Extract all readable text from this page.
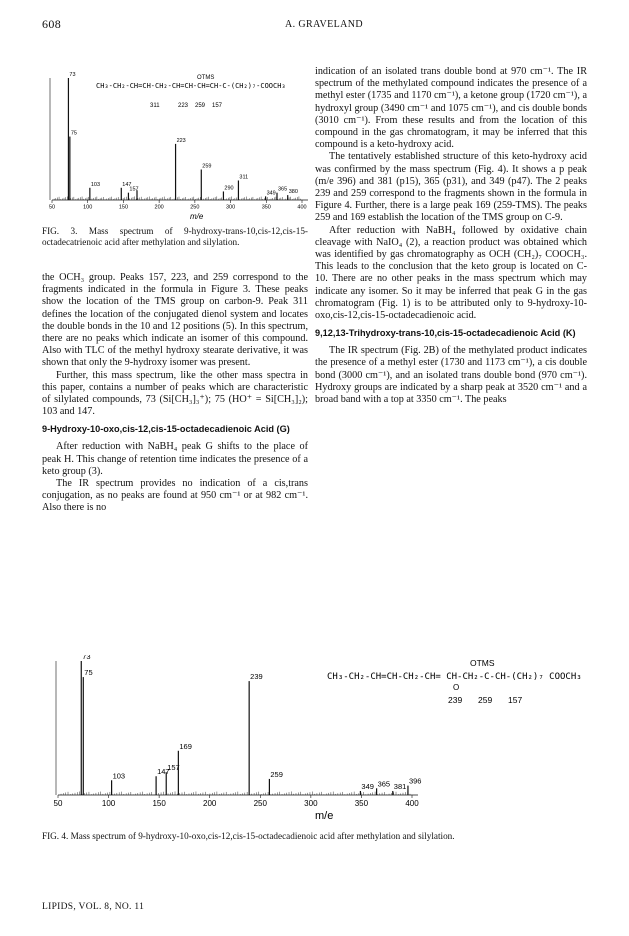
608	A. GRAVELAND
50	100	150	200	250	300	350	400
73
75
103	147
157
223
259
290
311
349
365 380
CH₃-CH₂-CH=CH-CH₂-CH=CH-CH=CH-C-(CH₂)₇-COOCH₃
OTMS
311	223 259 157
m/e
FIG. 3. Mass spectrum of 9-hydroxy-trans-10,cis-12,cis-15-octadecatrienoic acid after methylation and silylation.

the OCH₃ group. Peaks 157, 223, and 259 correspond to the fragments indicated in the formula in Figure 3. These peaks show the location of the TMS group on carbon-9. Peak 311 defines the location of the conjugated dienol system and locates the double bonds in the 10 and 12 positions (5). In this spectrum, there are no peaks which indicate an isomer of this compound. Also with TLC of the methyl hydroxy stearate derivative, it was shown that only the 9-hydroxy isomer was present.

Further, this mass spectrum, like the other mass spectra in this paper, contains a number of peaks which are characteristic of silylated compounds, 73 (Si[CH₃]₃⁺); 75 (HO⁺ = Si[CH₃]₂); 103 and 147.

9-Hydroxy-10-oxo,cis-12,cis-15-octadecadienoic Acid (G)

After reduction with NaBH₄ peak G shifts to the place of peak H. This change of retention time indicates the presence of a keto group (3).

The IR spectrum provides no indication of a cis,trans conjugation, as no peaks are found at 950 cm⁻¹ or at 982 cm⁻¹. Also there is no

indication of an isolated trans double bond at 970 cm⁻¹. The IR spectrum of the methylated compound indicates the presence of a methyl ester (1735 and 1170 cm⁻¹), a ketone group (1720 cm⁻¹), a hydroxyl group (3490 cm⁻¹ and 1075 cm⁻¹), and cis double bonds (3010 cm⁻¹). From these results and from the location of this compound in the gas chromatogram, it may be inferred that this compound is a keto-hydroxy acid.

The tentatively established structure of this keto-hydroxy acid was confirmed by the mass spectrum (Fig. 4). It shows a p peak (m/e 396) and 381 (p15), 365 (p31), and 349 (p47). The 2 peaks 239 and 259 correspond to the fragments shown in the formula in Figure 4. Further, there is a large peak 169 (259-TMS). The peaks 259 and 169 establish the location of the TMS group on C-9.

After reduction with NaBH₄ followed by oxidative chain cleavage with NaIO₄ (2), a reaction product was obtained which was identified by gas chromatography as OCH (CH₂)₇ COOCH₃. This leads to the conclusion that the keto group is located on C-10. There are no other peaks in the mass spectrum which may indicate any isomer. So it may be inferred that peak G in the gas chromatogram (Fig. 1) is to be attributed only to 9-hydroxy-10-oxo,cis-12,cis-15-octadecadienoic acid.

9,12,13-Trihydroxy-trans-10,cis-15-octadecadienoic Acid (K)

The IR spectrum (Fig. 2B) of the methylated product indicates the presence of a methyl ester (1730 and 1173 cm⁻¹), a cis double bond (3000 cm⁻¹), and an isolated trans double bond (970 cm⁻¹). Hydroxy groups are indicated by a sharp peak at 3520 cm⁻¹ and a broad band with a top at 3350 cm⁻¹. The peaks

50	100	150	200	250	300	350	400
73
75
103	147
157
169
239
259
349 365 381
396
CH₃-CH₂-CH=CH-CH₂-CH= CH-CH₂-C-CH-(CH₂)₇ COOCH₃
OTMS
O
239 259 157
m/e
FIG. 4. Mass spectrum of 9-hydroxy-10-oxo,cis-12,cis-15-octadecadienoic acid after methylation and silylation.
LIPIDS, VOL. 8, NO. 11
